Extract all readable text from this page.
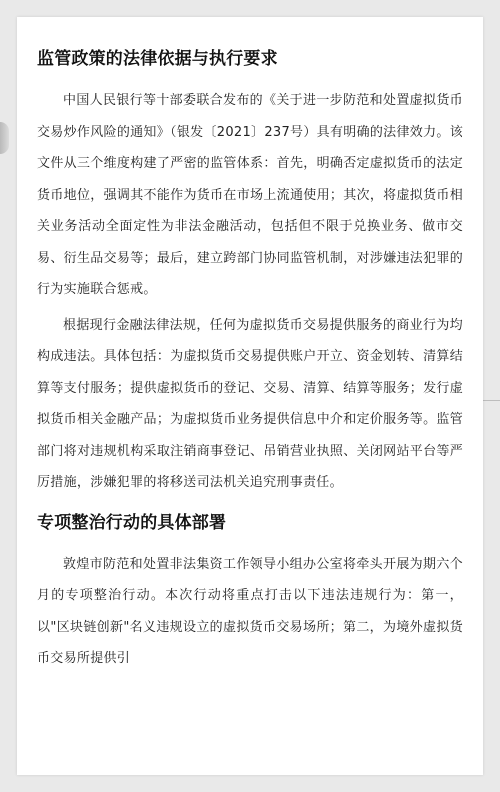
监管政策的法律依据与执行要求

中国人民银行等十部委联合发布的《关于进一步防范和处置虚拟货币交易炒作风险的通知》（银发〔2021〕237号）具有明确的法律效力。该文件从三个维度构建了严密的监管体系：首先，明确否定虚拟货币的法定货币地位，强调其不能作为货币在市场上流通使用；其次，将虚拟货币相关业务活动全面定性为非法金融活动，包括但不限于兑换业务、做市交易、衍生品交易等；最后，建立跨部门协同监管机制，对涉嫌违法犯罪的行为实施联合惩戒。

根据现行金融法律法规，任何为虚拟货币交易提供服务的商业行为均构成违法。具体包括：为虚拟货币交易提供账户开立、资金划转、清算结算等支付服务；提供虚拟货币的登记、交易、清算、结算等服务；发行虚拟货币相关金融产品；为虚拟货币业务提供信息中介和定价服务等。监管部门将对违规机构采取注销商事登记、吊销营业执照、关闭网站平台等严厉措施，涉嫌犯罪的将移送司法机关追究刑事责任。

专项整治行动的具体部署

敦煌市防范和处置非法集资工作领导小组办公室将牵头开展为期六个月的专项整治行动。本次行动将重点打击以下违法违规行为：第一，以"区块链创新"名义违规设立的虚拟货币交易场所；第二，为境外虚拟货币交易所提供引
